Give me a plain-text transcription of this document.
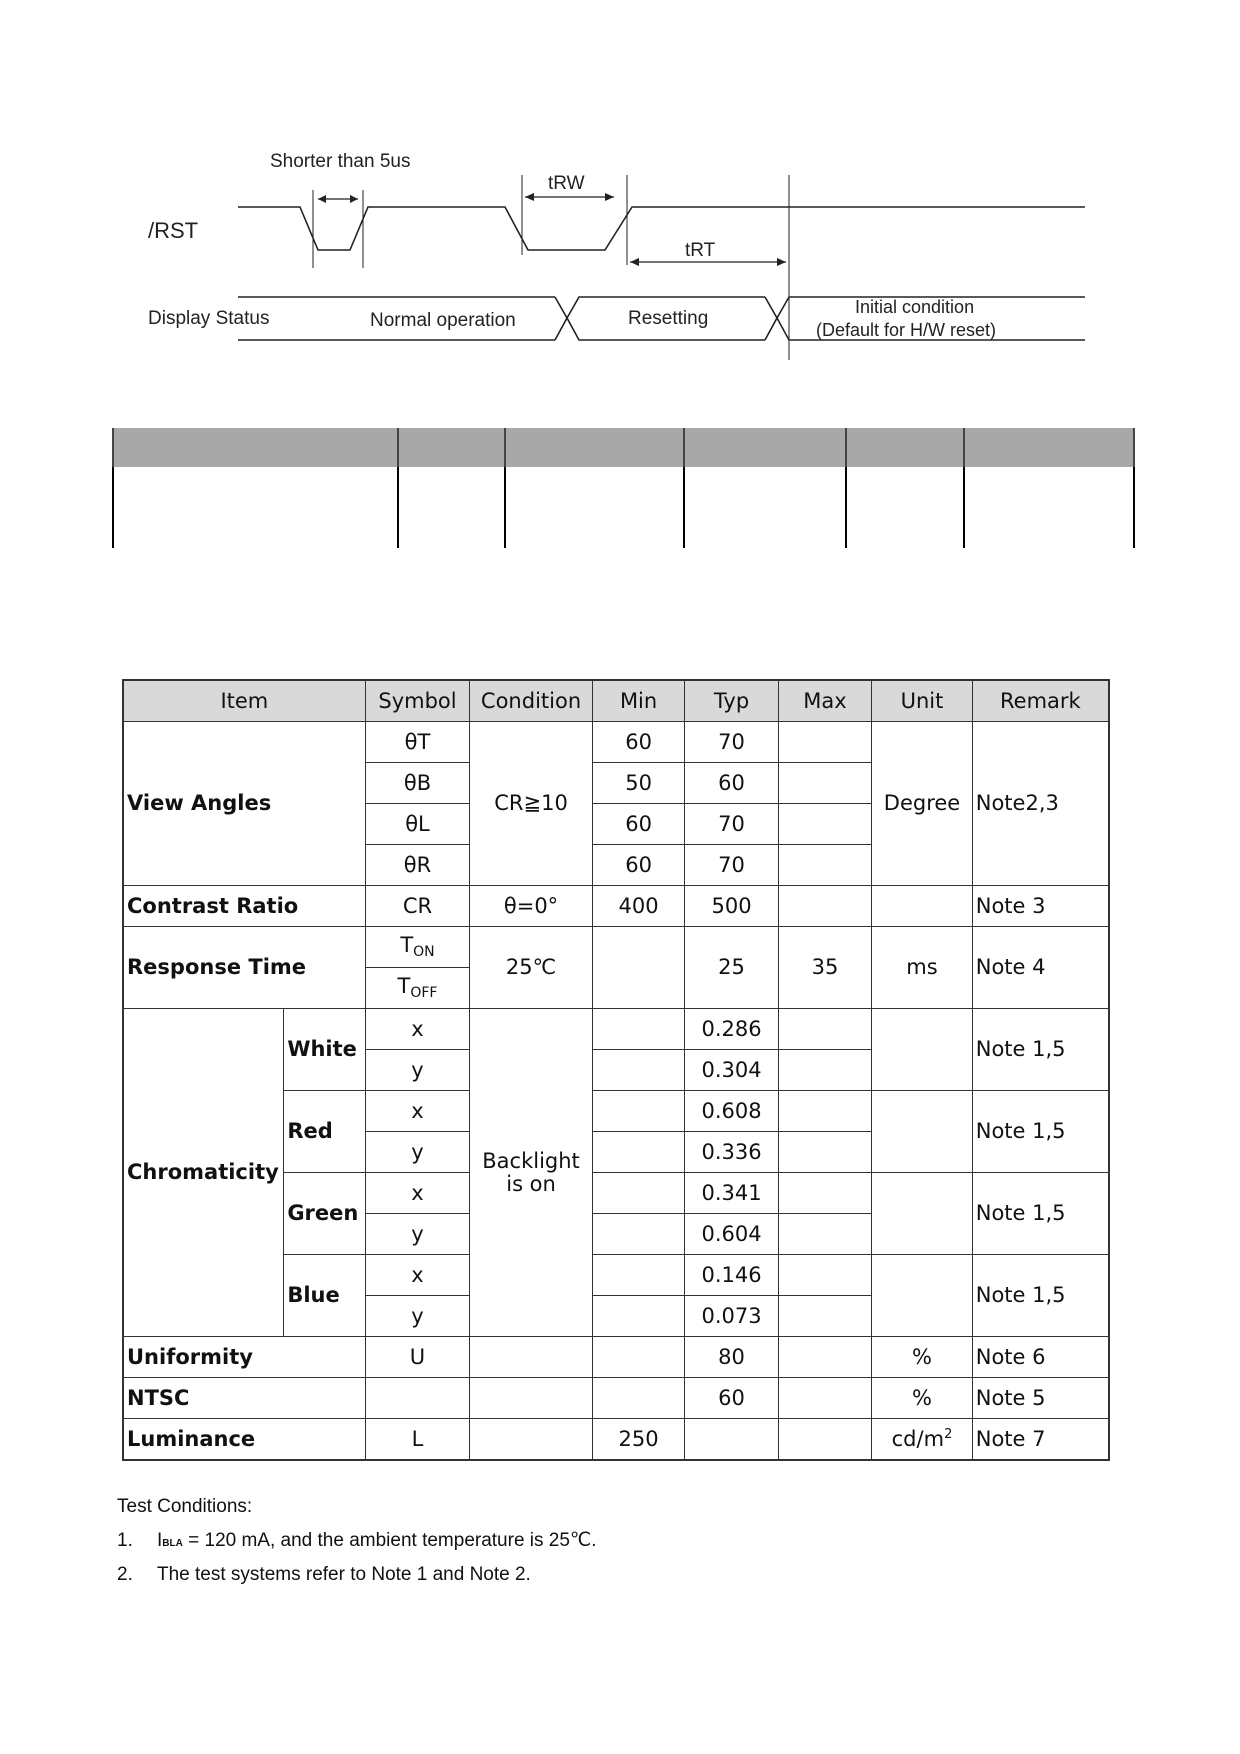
Shorter than 5us
tRW
tRT
/RST
Display Status	Normal operation	Resetting
Initial condition
(Default for H/W reset)

Item		Symbol	Condition	Min	Typ	Max	Unit	Remark
View Angles		θT	CR≧10	60	70		Degree	Note2,3
		θB		50	60			
		θL		60	70			
		θR		60	70			
Contrast Ratio		CR	θ=0°	400	500			Note 3
Response Time		$T_{ON}$	25℃		25	35	ms	Note 4
		$T_{OFF}$
Chromaticity	White	x	Backlight is on		0.286			Note 1,5
		y			0.304			
	Red	x			0.608			Note 1,5
		y			0.336			
	Green	x			0.341			Note 1,5
		y			0.604			
	Blue	x			0.146			Note 1,5
		y			0.073			
Uniformity		U			80		%	Note 6
NTSC					60		%	Note 5
Luminance		L		250			$cd/m^2$	Note 7
Test Conditions:
1. IBLA = 120 mA, and the ambient temperature is 25℃.
2. The test systems refer to Note 1 and Note 2.
